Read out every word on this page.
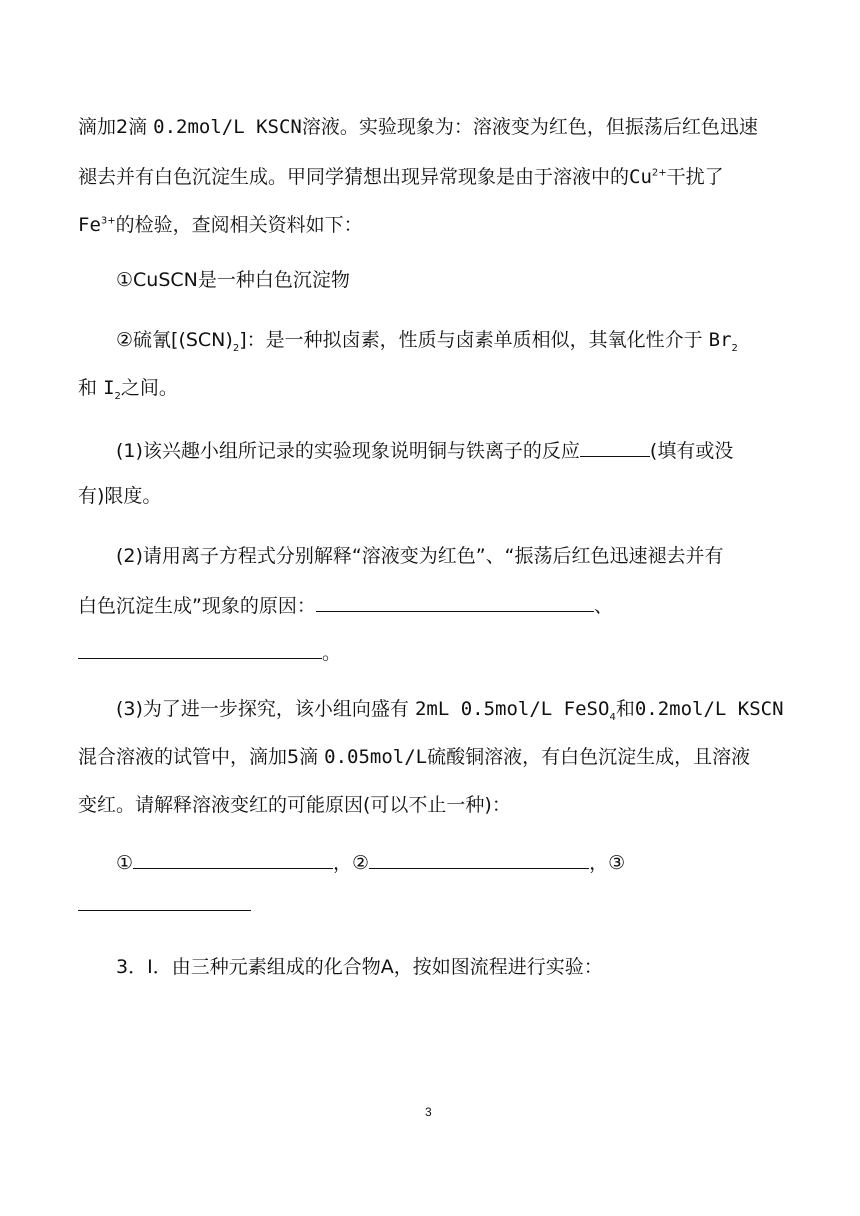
滴加2滴 0.2mol/L KSCN溶液。实验现象为：溶液变为红色，但振荡后红色迅速
褪去并有白色沉淀生成。甲同学猜想出现异常现象是由于溶液中的$Cu^{2+}$干扰了
$Fe^{3+}$的检验，查阅相关资料如下：
①CuSCN是一种白色沉淀物
②硫氰$[(SCN)_2]$：是一种拟卤素，性质与卤素单质相似，其氧化性介于 $Br_2$
和 $I_2$之间。
(1)该兴趣小组所记录的实验现象说明铜与铁离子的反应	(填有或没
有)限度。
(2)请用离子方程式分别解释“溶液变为红色”、“振荡后红色迅速褪去并有
白色沉淀生成”现象的原因：	、
。
(3)为了进一步探究，该小组向盛有 2mL 0.5mol/L FeSO$_4$和0.2mol/L KSCN
混合溶液的试管中，滴加5滴 0.05mol/L硫酸铜溶液，有白色沉淀生成，且溶液
变红。请解释溶液变红的可能原因(可以不止一种)：
①	，②	，③
3．I．由三种元素组成的化合物A，按如图流程进行实验：
3
